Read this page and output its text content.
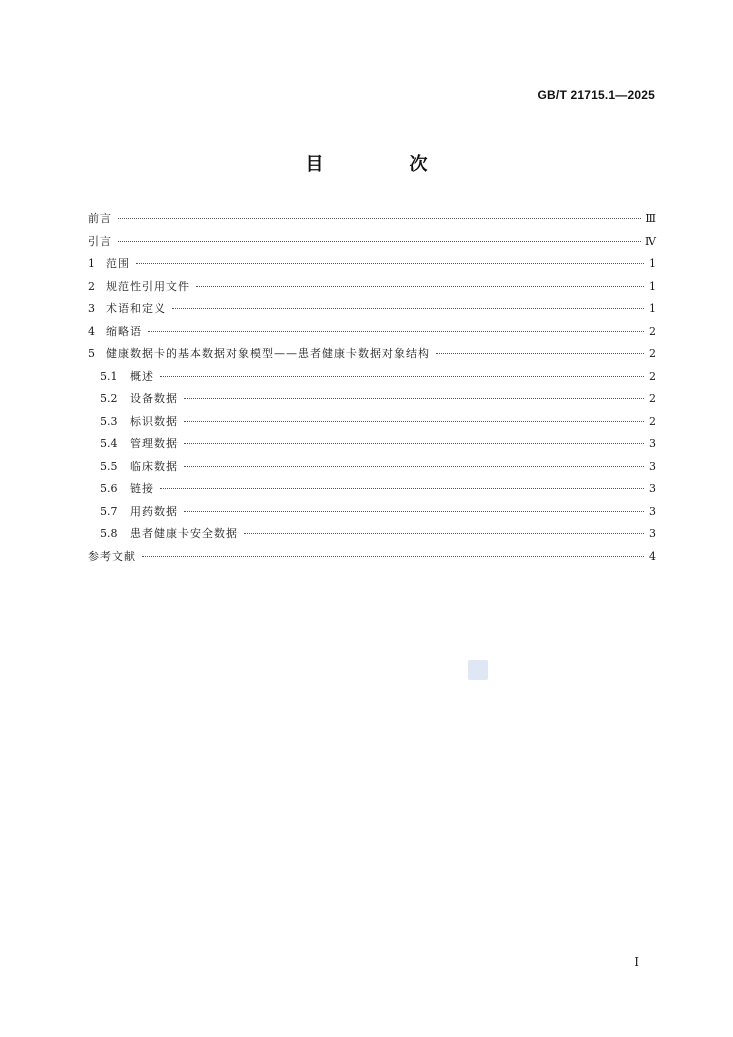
GB/T 21715.1—2025
目　次
前言	Ⅲ
引言	Ⅳ
1	范围	1
2	规范性引用文件	1
3	术语和定义	1
4	缩略语	2
5	健康数据卡的基本数据对象模型——患者健康卡数据对象结构	2
5.1	概述	2
5.2	设备数据	2
5.3	标识数据	2
5.4	管理数据	3
5.5	临床数据	3
5.6	链接	3
5.7	用药数据	3
5.8	患者健康卡安全数据	3
参考文献	4
Ⅰ
